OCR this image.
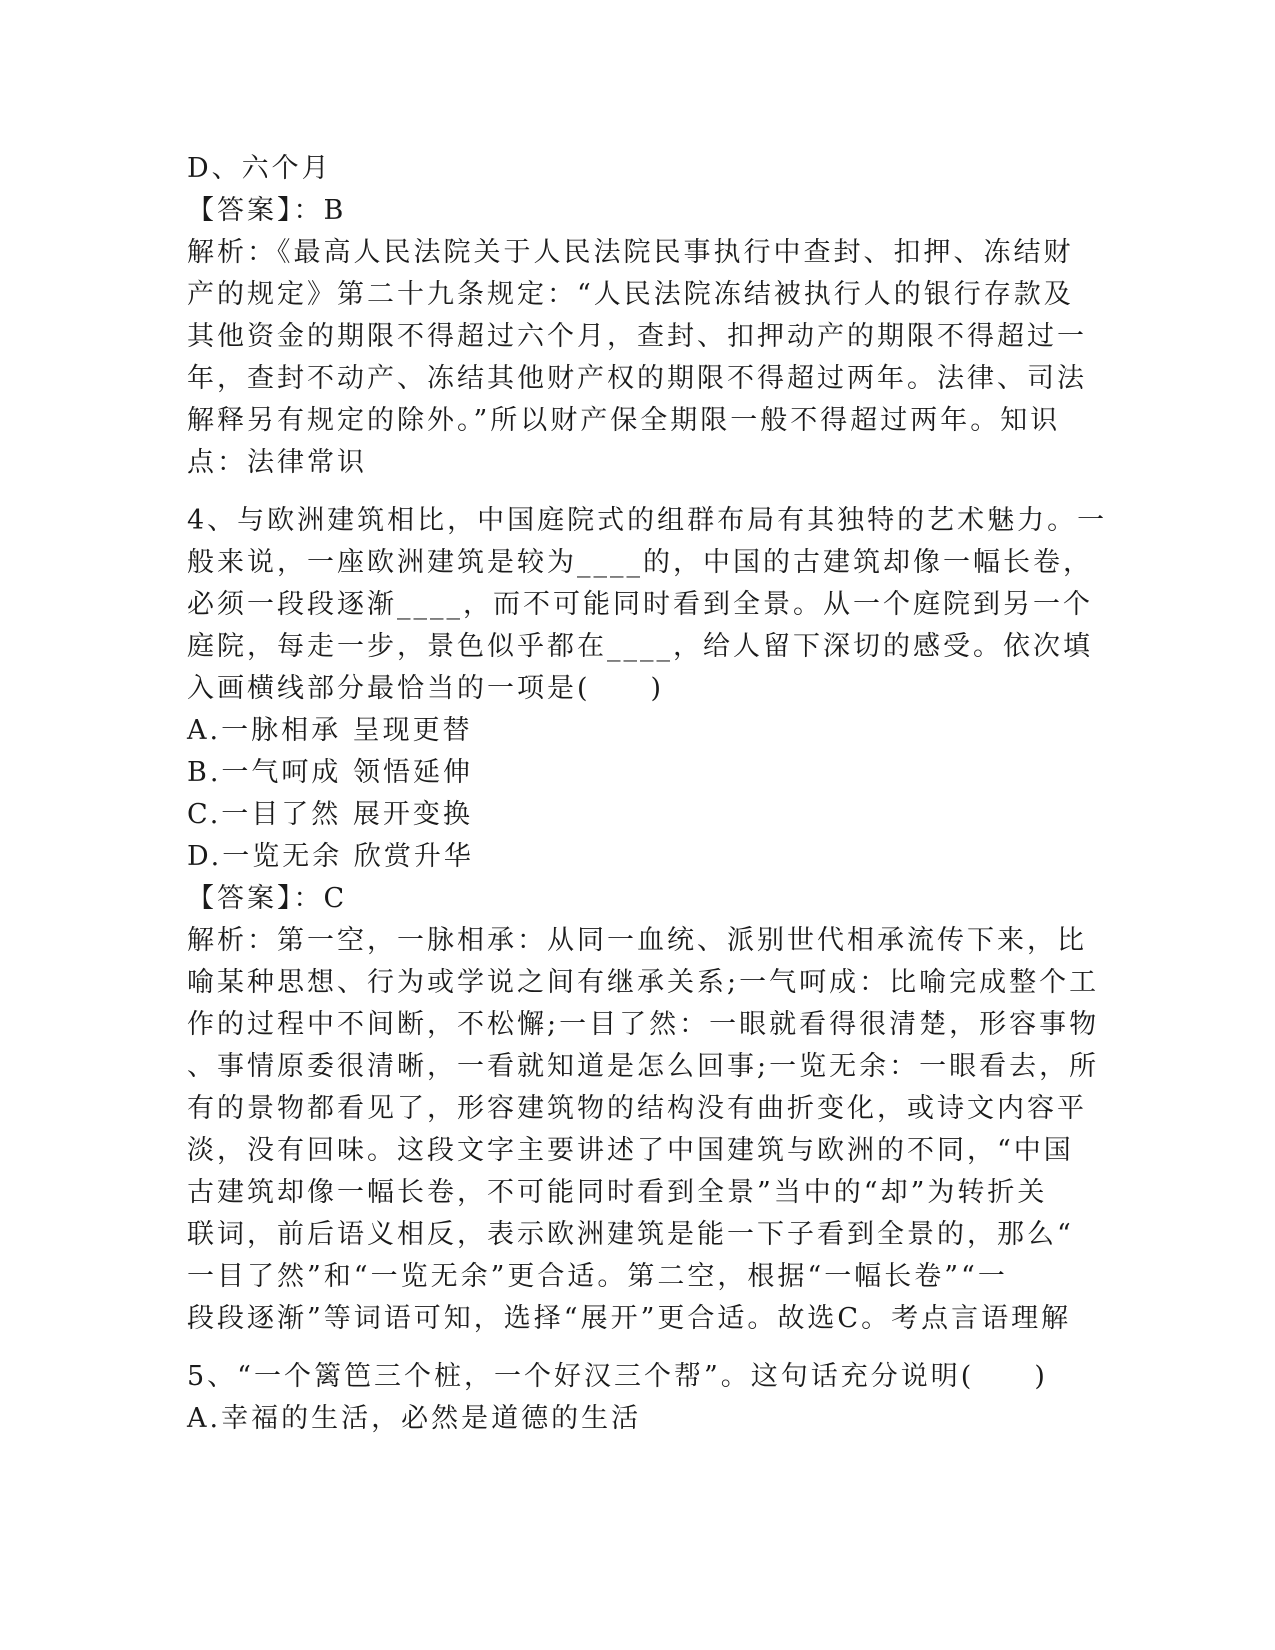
D、六个月
【答案】：B
解析：《最高人民法院关于人民法院民事执行中查封、扣押、冻结财
产的规定》第二十九条规定：“人民法院冻结被执行人的银行存款及
其他资金的期限不得超过六个月，查封、扣押动产的期限不得超过一
年，查封不动产、冻结其他财产权的期限不得超过两年。法律、司法
解释另有规定的除外。”所以财产保全期限一般不得超过两年。知识
点：法律常识
4、与欧洲建筑相比，中国庭院式的组群布局有其独特的艺术魅力。一
般来说，一座欧洲建筑是较为____的，中国的古建筑却像一幅长卷，
必须一段段逐渐____，而不可能同时看到全景。从一个庭院到另一个
庭院，每走一步，景色似乎都在____，给人留下深切的感受。依次填
入画横线部分最恰当的一项是(　　)
A.一脉相承 呈现更替
B.一气呵成 领悟延伸
C.一目了然 展开变换
D.一览无余 欣赏升华
【答案】：C
解析：第一空，一脉相承：从同一血统、派别世代相承流传下来，比
喻某种思想、行为或学说之间有继承关系;一气呵成：比喻完成整个工
作的过程中不间断，不松懈;一目了然：一眼就看得很清楚，形容事物
、事情原委很清晰，一看就知道是怎么回事;一览无余：一眼看去，所
有的景物都看见了，形容建筑物的结构没有曲折变化，或诗文内容平
淡，没有回味。这段文字主要讲述了中国建筑与欧洲的不同，“中国
古建筑却像一幅长卷，不可能同时看到全景”当中的“却”为转折关
联词，前后语义相反，表示欧洲建筑是能一下子看到全景的，那么“
一目了然”和“一览无余”更合适。第二空，根据“一幅长卷”“一
段段逐渐”等词语可知，选择“展开”更合适。故选C。考点言语理解
5、“一个篱笆三个桩，一个好汉三个帮”。这句话充分说明(　　)
A.幸福的生活，必然是道德的生活
